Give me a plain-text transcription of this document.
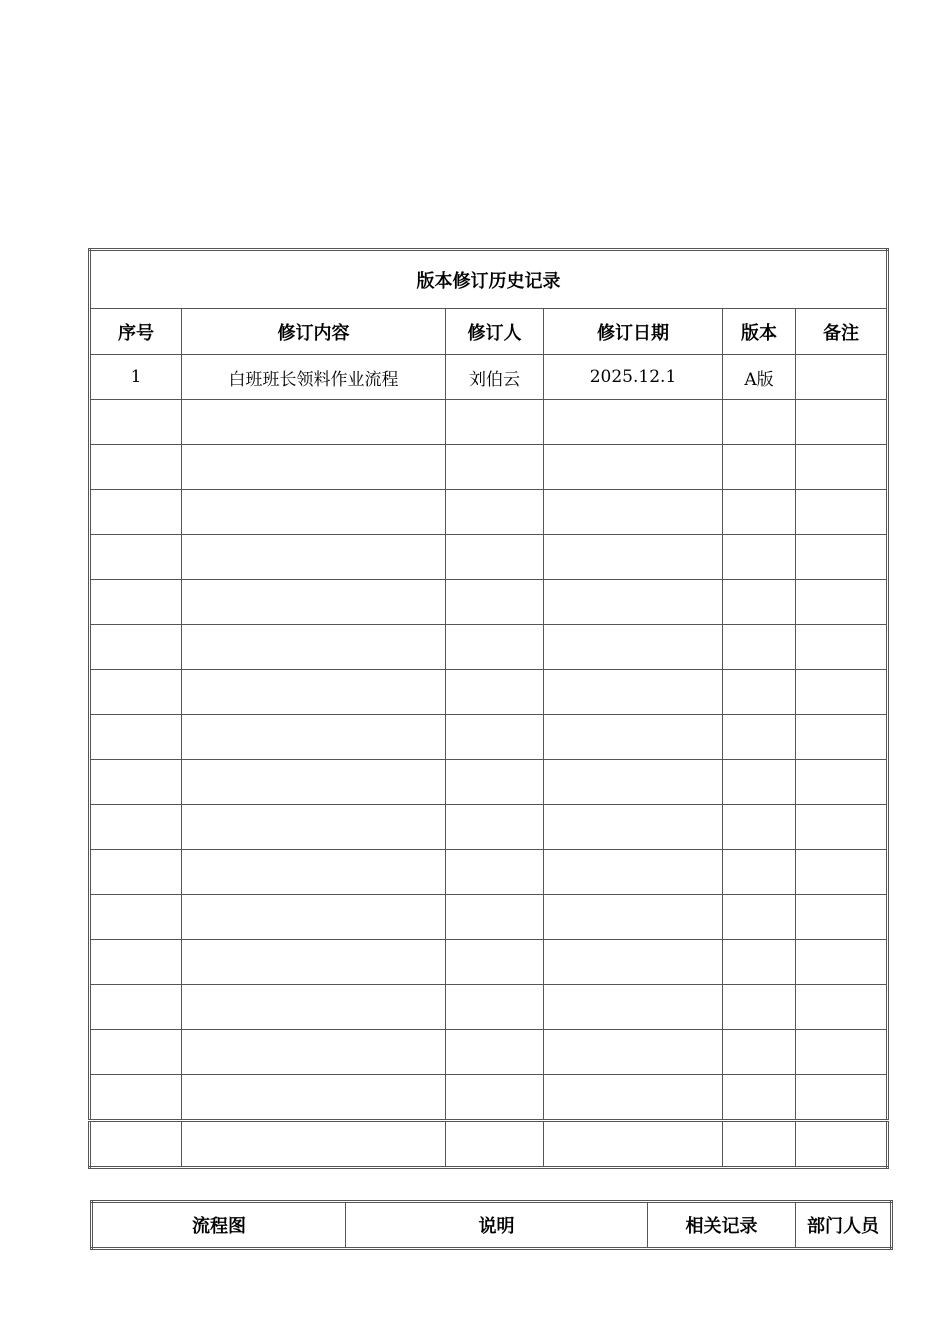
版本修订历史记录					
序号	修订内容	修订人	修订日期	版本	备注
1	白班班长领料作业流程	刘伯云	2025.12.1	A版	

流程图	说明	相关记录	部门人员
